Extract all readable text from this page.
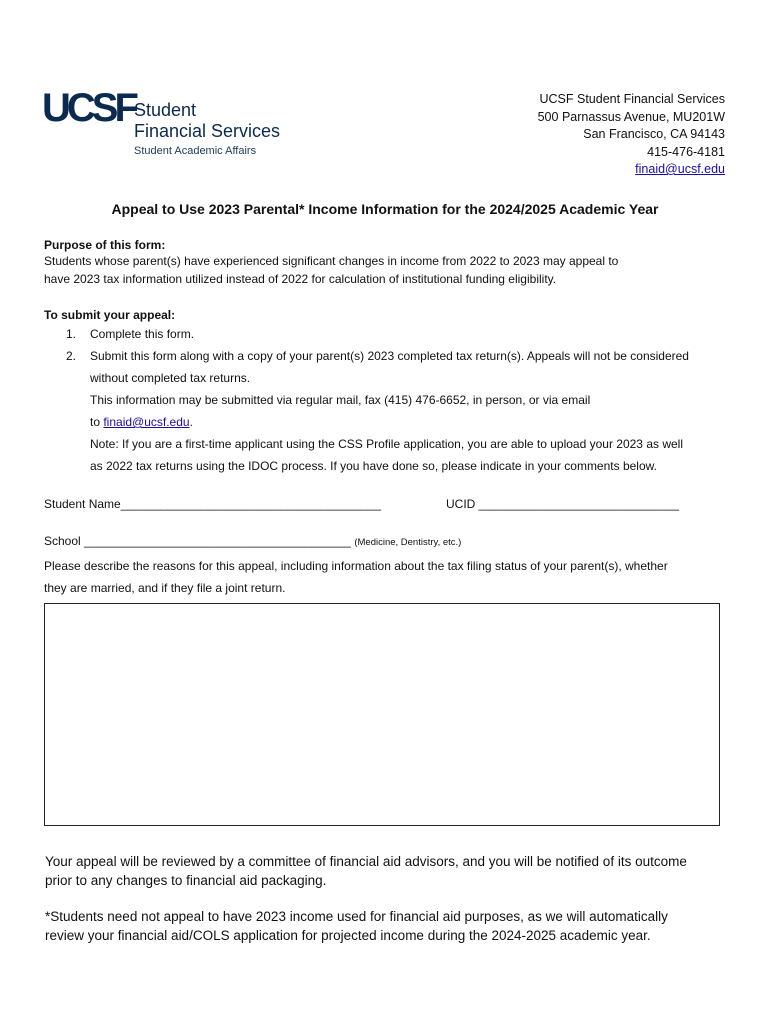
UCSF Student
Financial Services
Student Academic Affairs
UCSF Student Financial Services
500 Parnassus Avenue, MU201W
San Francisco, CA 94143
415-476-4181
finaid@ucsf.edu
Appeal to Use 2023 Parental* Income Information for the 2024/2025 Academic Year
Purpose of this form:
Students whose parent(s) have experienced significant changes in income from 2022 to 2023 may appeal to
have 2023 tax information utilized instead of 2022 for calculation of institutional funding eligibility.
To submit your appeal:
1. Complete this form.
2. Submit this form along with a copy of your parent(s) 2023 completed tax return(s). Appeals will not be considered
without completed tax returns.
This information may be submitted via regular mail, fax (415) 476-6652, in person, or via email
to finaid@ucsf.edu.
Note: If you are a first-time applicant using the CSS Profile application, you are able to upload your 2023 as well
as 2022 tax returns using the IDOC process. If you have done so, please indicate in your comments below.
Student Name_______________________________________	UCID ______________________________
School ________________________________________ (Medicine, Dentistry, etc.)
Please describe the reasons for this appeal, including information about the tax filing status of your parent(s), whether
they are married, and if they file a joint return.
Your appeal will be reviewed by a committee of financial aid advisors, and you will be notified of its outcome
prior to any changes to financial aid packaging.
*Students need not appeal to have 2023 income used for financial aid purposes, as we will automatically
review your financial aid/COLS application for projected income during the 2024-2025 academic year.
